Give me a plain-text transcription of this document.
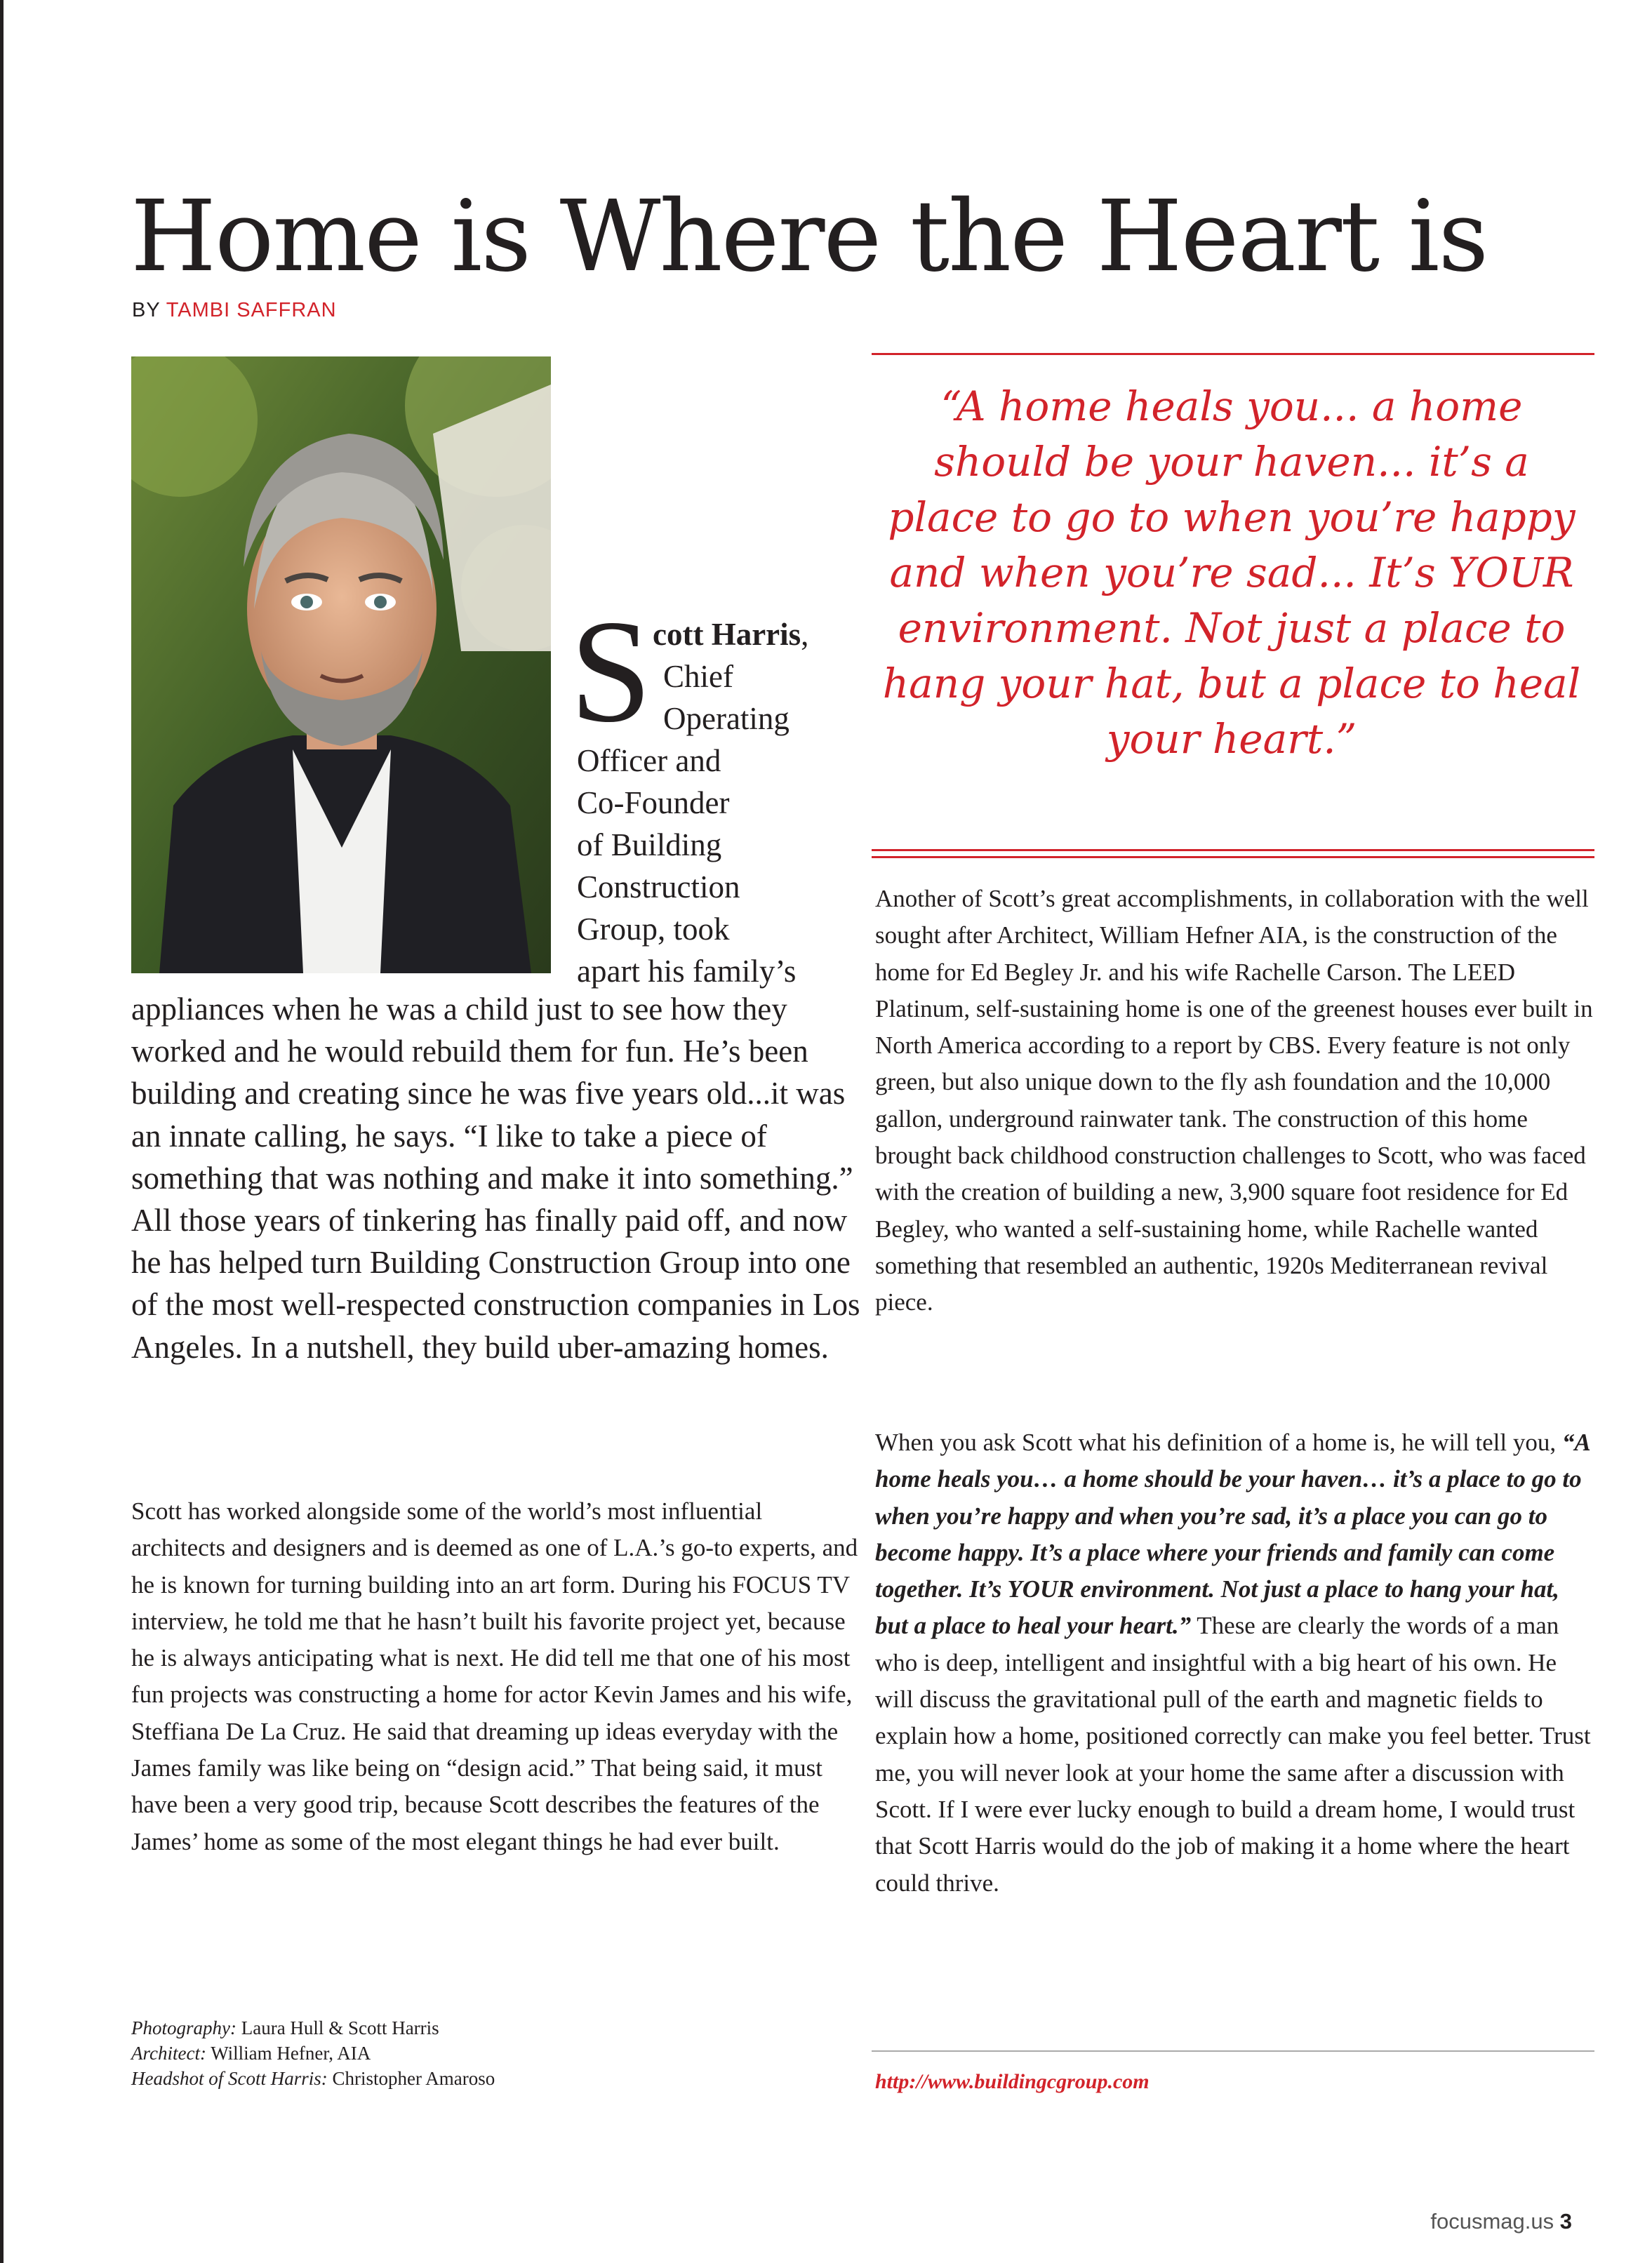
Home is Where the Heart is
BY TAMBI SAFFRAN
S cott Harris,
Chief
Operating
Officer and
Co-Founder
of Building
Construction
Group, took
apart his family’s

appliances when he was a child just to see how they worked and he would rebuild them for fun. He’s been building and creating since he was five years old...it was an innate calling, he says. “I like to take a piece of something that was nothing and make it into something.” All those years of tinkering has finally paid off, and now he has helped turn Building Construction Group into one of the most well-respected construction companies in Los Angeles. In a nutshell, they build uber-amazing homes.

Scott has worked alongside some of the world’s most influential architects and designers and is deemed as one of L.A.’s go-to experts, and he is known for turning building into an art form. During his FOCUS TV interview, he told me that he hasn’t built his favorite project yet, because he is always anticipating what is next. He did tell me that one of his most fun projects was constructing a home for actor Kevin James and his wife, Steffiana De La Cruz. He said that dreaming up ideas everyday with the James family was like being on “design acid.” That being said, it must have been a very good trip, because Scott describes the features of the James’ home as some of the most elegant things he had ever built.

Photography: Laura Hull & Scott Harris
Architect: William Hefner, AIA
Headshot of Scott Harris: Christopher Amaroso

“A home heals you... a home should be your haven... it’s a place to go to when you’re happy and when you’re sad... It’s YOUR environment. Not just a place to hang your hat, but a place to heal your heart.”

Another of Scott’s great accomplishments, in collaboration with the well sought after Architect, William Hefner AIA, is the construction of the home for Ed Begley Jr. and his wife Rachelle Carson. The LEED Platinum, self-sustaining home is one of the greenest houses ever built in North America according to a report by CBS. Every feature is not only green, but also unique down to the fly ash foundation and the 10,000 gallon, underground rainwater tank. The construction of this home brought back childhood construction challenges to Scott, who was faced with the creation of building a new, 3,900 square foot residence for Ed Begley, who wanted a self-sustaining home, while Rachelle wanted something that resembled an authentic, 1920s Mediterranean revival piece.

When you ask Scott what his definition of a home is, he will tell you, “A home heals you… a home should be your haven… it’s a place to go to when you’re happy and when you’re sad, it’s a place you can go to become happy. It’s a place where your friends and family can come together. It’s YOUR environment. Not just a place to hang your hat, but a place to heal your heart.” These are clearly the words of a man who is deep, intelligent and insightful with a big heart of his own. He will discuss the gravitational pull of the earth and magnetic fields to explain how a home, positioned correctly can make you feel better. Trust me, you will never look at your home the same after a discussion with Scott. If I were ever lucky enough to build a dream home, I would trust that Scott Harris would do the job of making it a home where the heart could thrive.

http://www.buildingcgroup.com
focusmag.us 3
